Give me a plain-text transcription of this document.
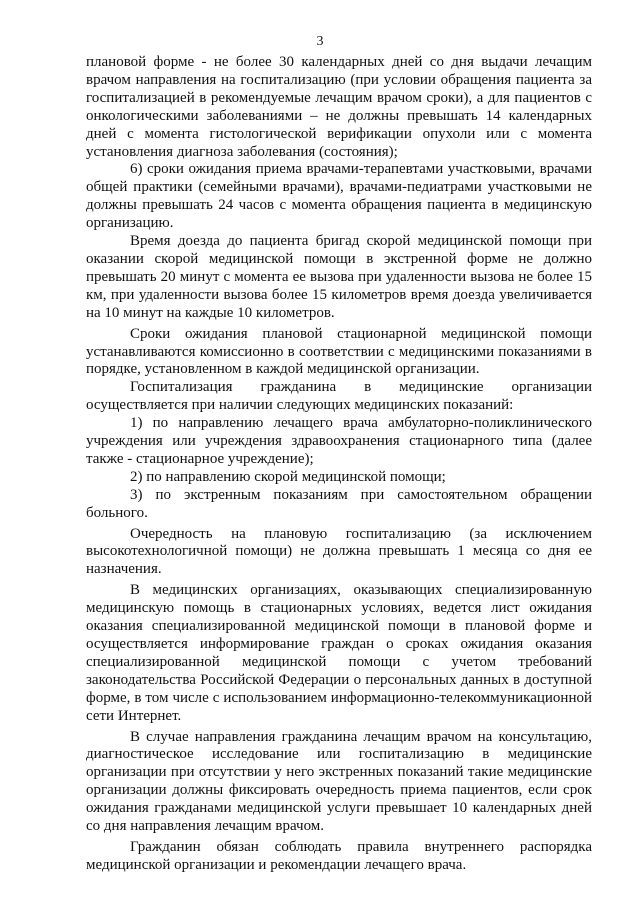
3

плановой форме - не более 30 календарных дней со дня выдачи лечащим врачом направления на госпитализацию (при условии обращения пациента за госпитализацией в рекомендуемые лечащим врачом сроки), а для пациентов с онкологическими заболеваниями – не должны превышать 14 календарных дней с момента гистологической верификации опухоли или с момента установления диагноза заболевания (состояния);

6) сроки ожидания приема врачами-терапевтами участковыми, врачами общей практики (семейными врачами), врачами-педиатрами участковыми не должны превышать 24 часов с момента обращения пациента в медицинскую организацию.

Время доезда до пациента бригад скорой медицинской помощи при оказании скорой медицинской помощи в экстренной форме не должно превышать 20 минут с момента ее вызова при удаленности вызова не более 15 км, при удаленности вызова более 15 километров время доезда увеличивается на 10 минут на каждые 10 километров.

Сроки ожидания плановой стационарной медицинской помощи устанавливаются комиссионно в соответствии с медицинскими показаниями в порядке, установленном в каждой медицинской организации.

Госпитализация гражданина в медицинские организации осуществляется при наличии следующих медицинских показаний:

1) по направлению лечащего врача амбулаторно-поликлинического учреждения или учреждения здравоохранения стационарного типа (далее также - стационарное учреждение);

2) по направлению скорой медицинской помощи;

3) по экстренным показаниям при самостоятельном обращении больного.

Очередность на плановую госпитализацию (за исключением высокотехнологичной помощи) не должна превышать 1 месяца со дня ее назначения.

В медицинских организациях, оказывающих специализированную медицинскую помощь в стационарных условиях, ведется лист ожидания оказания специализированной медицинской помощи в плановой форме и осуществляется информирование граждан о сроках ожидания оказания специализированной медицинской помощи с учетом требований законодательства Российской Федерации о персональных данных в доступной форме, в том числе с использованием информационно-телекоммуникационной сети Интернет.

В случае направления гражданина лечащим врачом на консультацию, диагностическое исследование или госпитализацию в медицинские организации при отсутствии у него экстренных показаний такие медицинские организации должны фиксировать очередность приема пациентов, если срок ожидания гражданами медицинской услуги превышает 10 календарных дней со дня направления лечащим врачом.

Гражданин обязан соблюдать правила внутреннего распорядка медицинской организации и рекомендации лечащего врача.
